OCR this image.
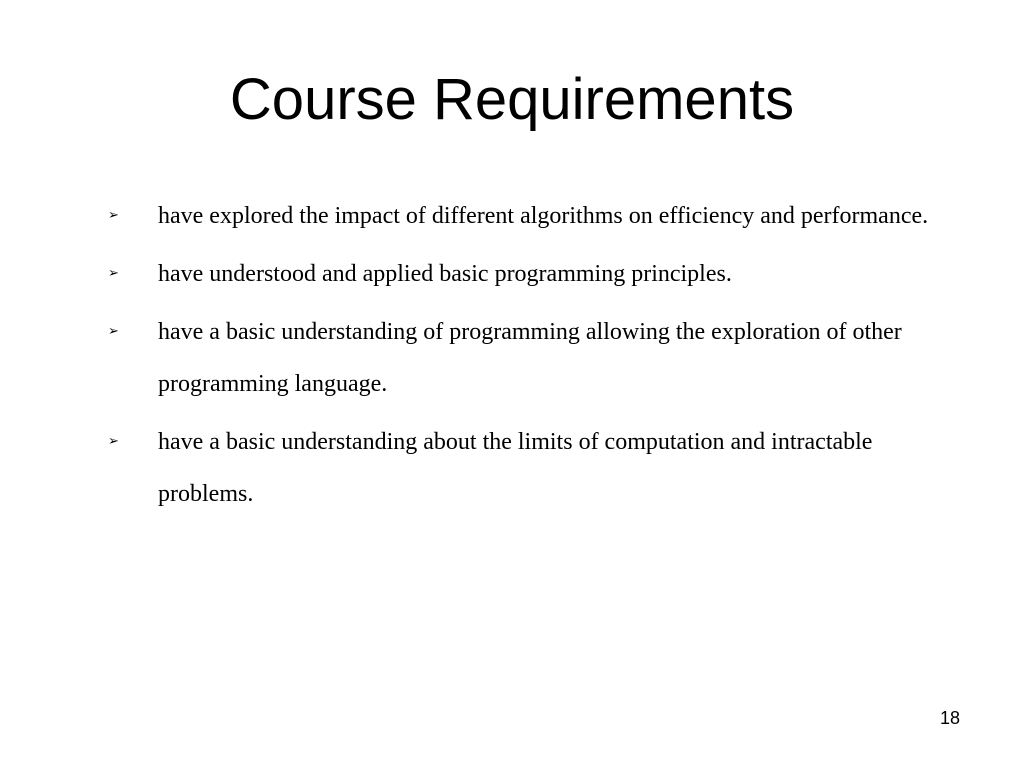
Course Requirements
➢ have explored the impact of different algorithms on efficiency and performance.
➢ have understood and applied basic programming principles.
➢ have a basic understanding of programming allowing the exploration of other programming language.
➢ have a basic understanding about the limits of computation and intractable problems.
18
